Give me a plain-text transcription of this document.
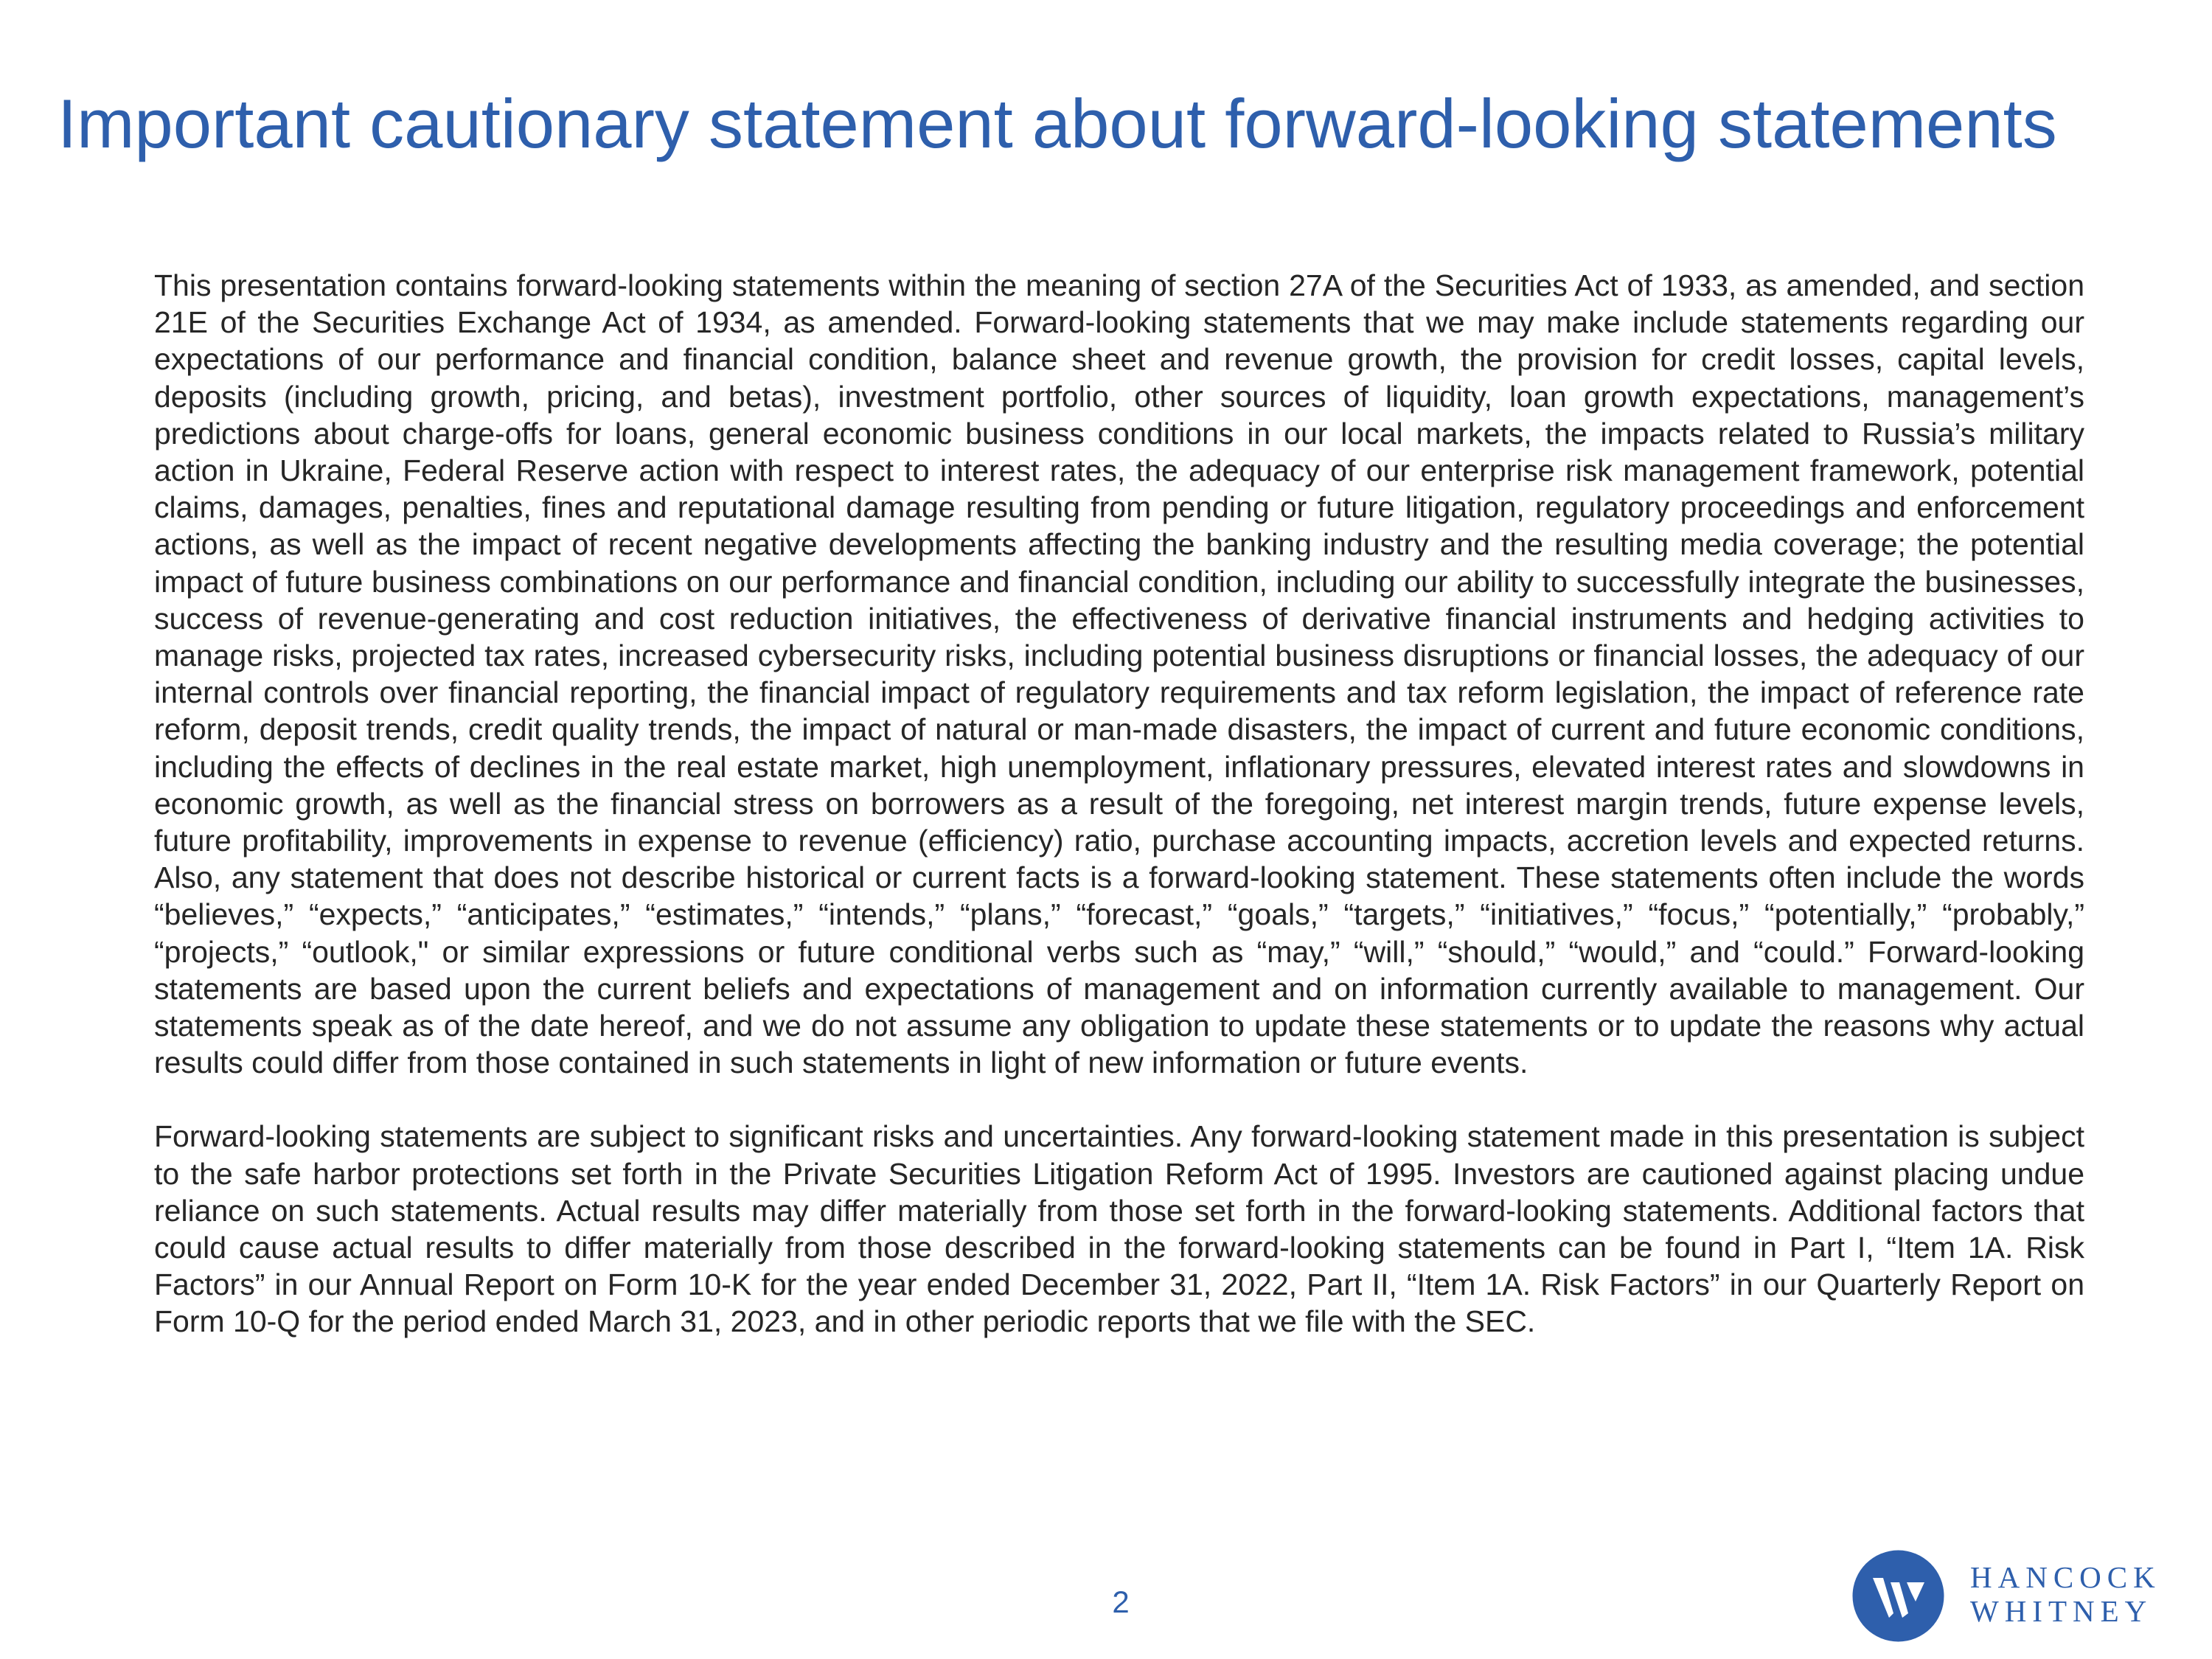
Important cautionary statement about forward-looking statements

This presentation contains forward-looking statements within the meaning of section 27A of the Securities Act of 1933, as amended, and section 21E of the Securities Exchange Act of 1934, as amended. Forward-looking statements that we may make include statements regarding our expectations of our performance and financial condition, balance sheet and revenue growth, the provision for credit losses, capital levels, deposits (including growth, pricing, and betas), investment portfolio, other sources of liquidity, loan growth expectations, management’s predictions about charge-offs for loans, general economic business conditions in our local markets, the impacts related to Russia’s military action in Ukraine, Federal Reserve action with respect to interest rates, the adequacy of our enterprise risk management framework, potential claims, damages, penalties, fines and reputational damage resulting from pending or future litigation, regulatory proceedings and enforcement actions, as well as the impact of recent negative developments affecting the banking industry and the resulting media coverage; the potential impact of future business combinations on our performance and financial condition, including our ability to successfully integrate the businesses, success of revenue-generating and cost reduction initiatives, the effectiveness of derivative financial instruments and hedging activities to manage risks, projected tax rates, increased cybersecurity risks, including potential business disruptions or financial losses, the adequacy of our internal controls over financial reporting, the financial impact of regulatory requirements and tax reform legislation, the impact of reference rate reform, deposit trends, credit quality trends, the impact of natural or man-made disasters, the impact of current and future economic conditions, including the effects of declines in the real estate market, high unemployment, inflationary pressures, elevated interest rates and slowdowns in economic growth, as well as the financial stress on borrowers as a result of the foregoing, net interest margin trends, future expense levels, future profitability, improvements in expense to revenue (efficiency) ratio, purchase accounting impacts, accretion levels and expected returns. Also, any statement that does not describe historical or current facts is a forward-looking statement. These statements often include the words “believes,” “expects,” “anticipates,” “estimates,” “intends,” “plans,” “forecast,” “goals,” “targets,” “initiatives,” “focus,” “potentially,” “probably,” “projects,” “outlook," or similar expressions or future conditional verbs such as “may,” “will,” “should,” “would,” and “could.” Forward-looking statements are based upon the current beliefs and expectations of management and on information currently available to management. Our statements speak as of the date hereof, and we do not assume any obligation to update these statements or to update the reasons why actual results could differ from those contained in such statements in light of new information or future events.

Forward-looking statements are subject to significant risks and uncertainties. Any forward-looking statement made in this presentation is subject to the safe harbor protections set forth in the Private Securities Litigation Reform Act of 1995. Investors are cautioned against placing undue reliance on such statements. Actual results may differ materially from those set forth in the forward-looking statements. Additional factors that could cause actual results to differ materially from those described in the forward-looking statements can be found in Part I, “Item 1A. Risk Factors” in our Annual Report on Form 10-K for the year ended December 31, 2022, Part II, “Item 1A. Risk Factors” in our Quarterly Report on Form 10-Q for the period ended March 31, 2023, and in other periodic reports that we file with the SEC.

2
HANCOCK
WHITNEY
